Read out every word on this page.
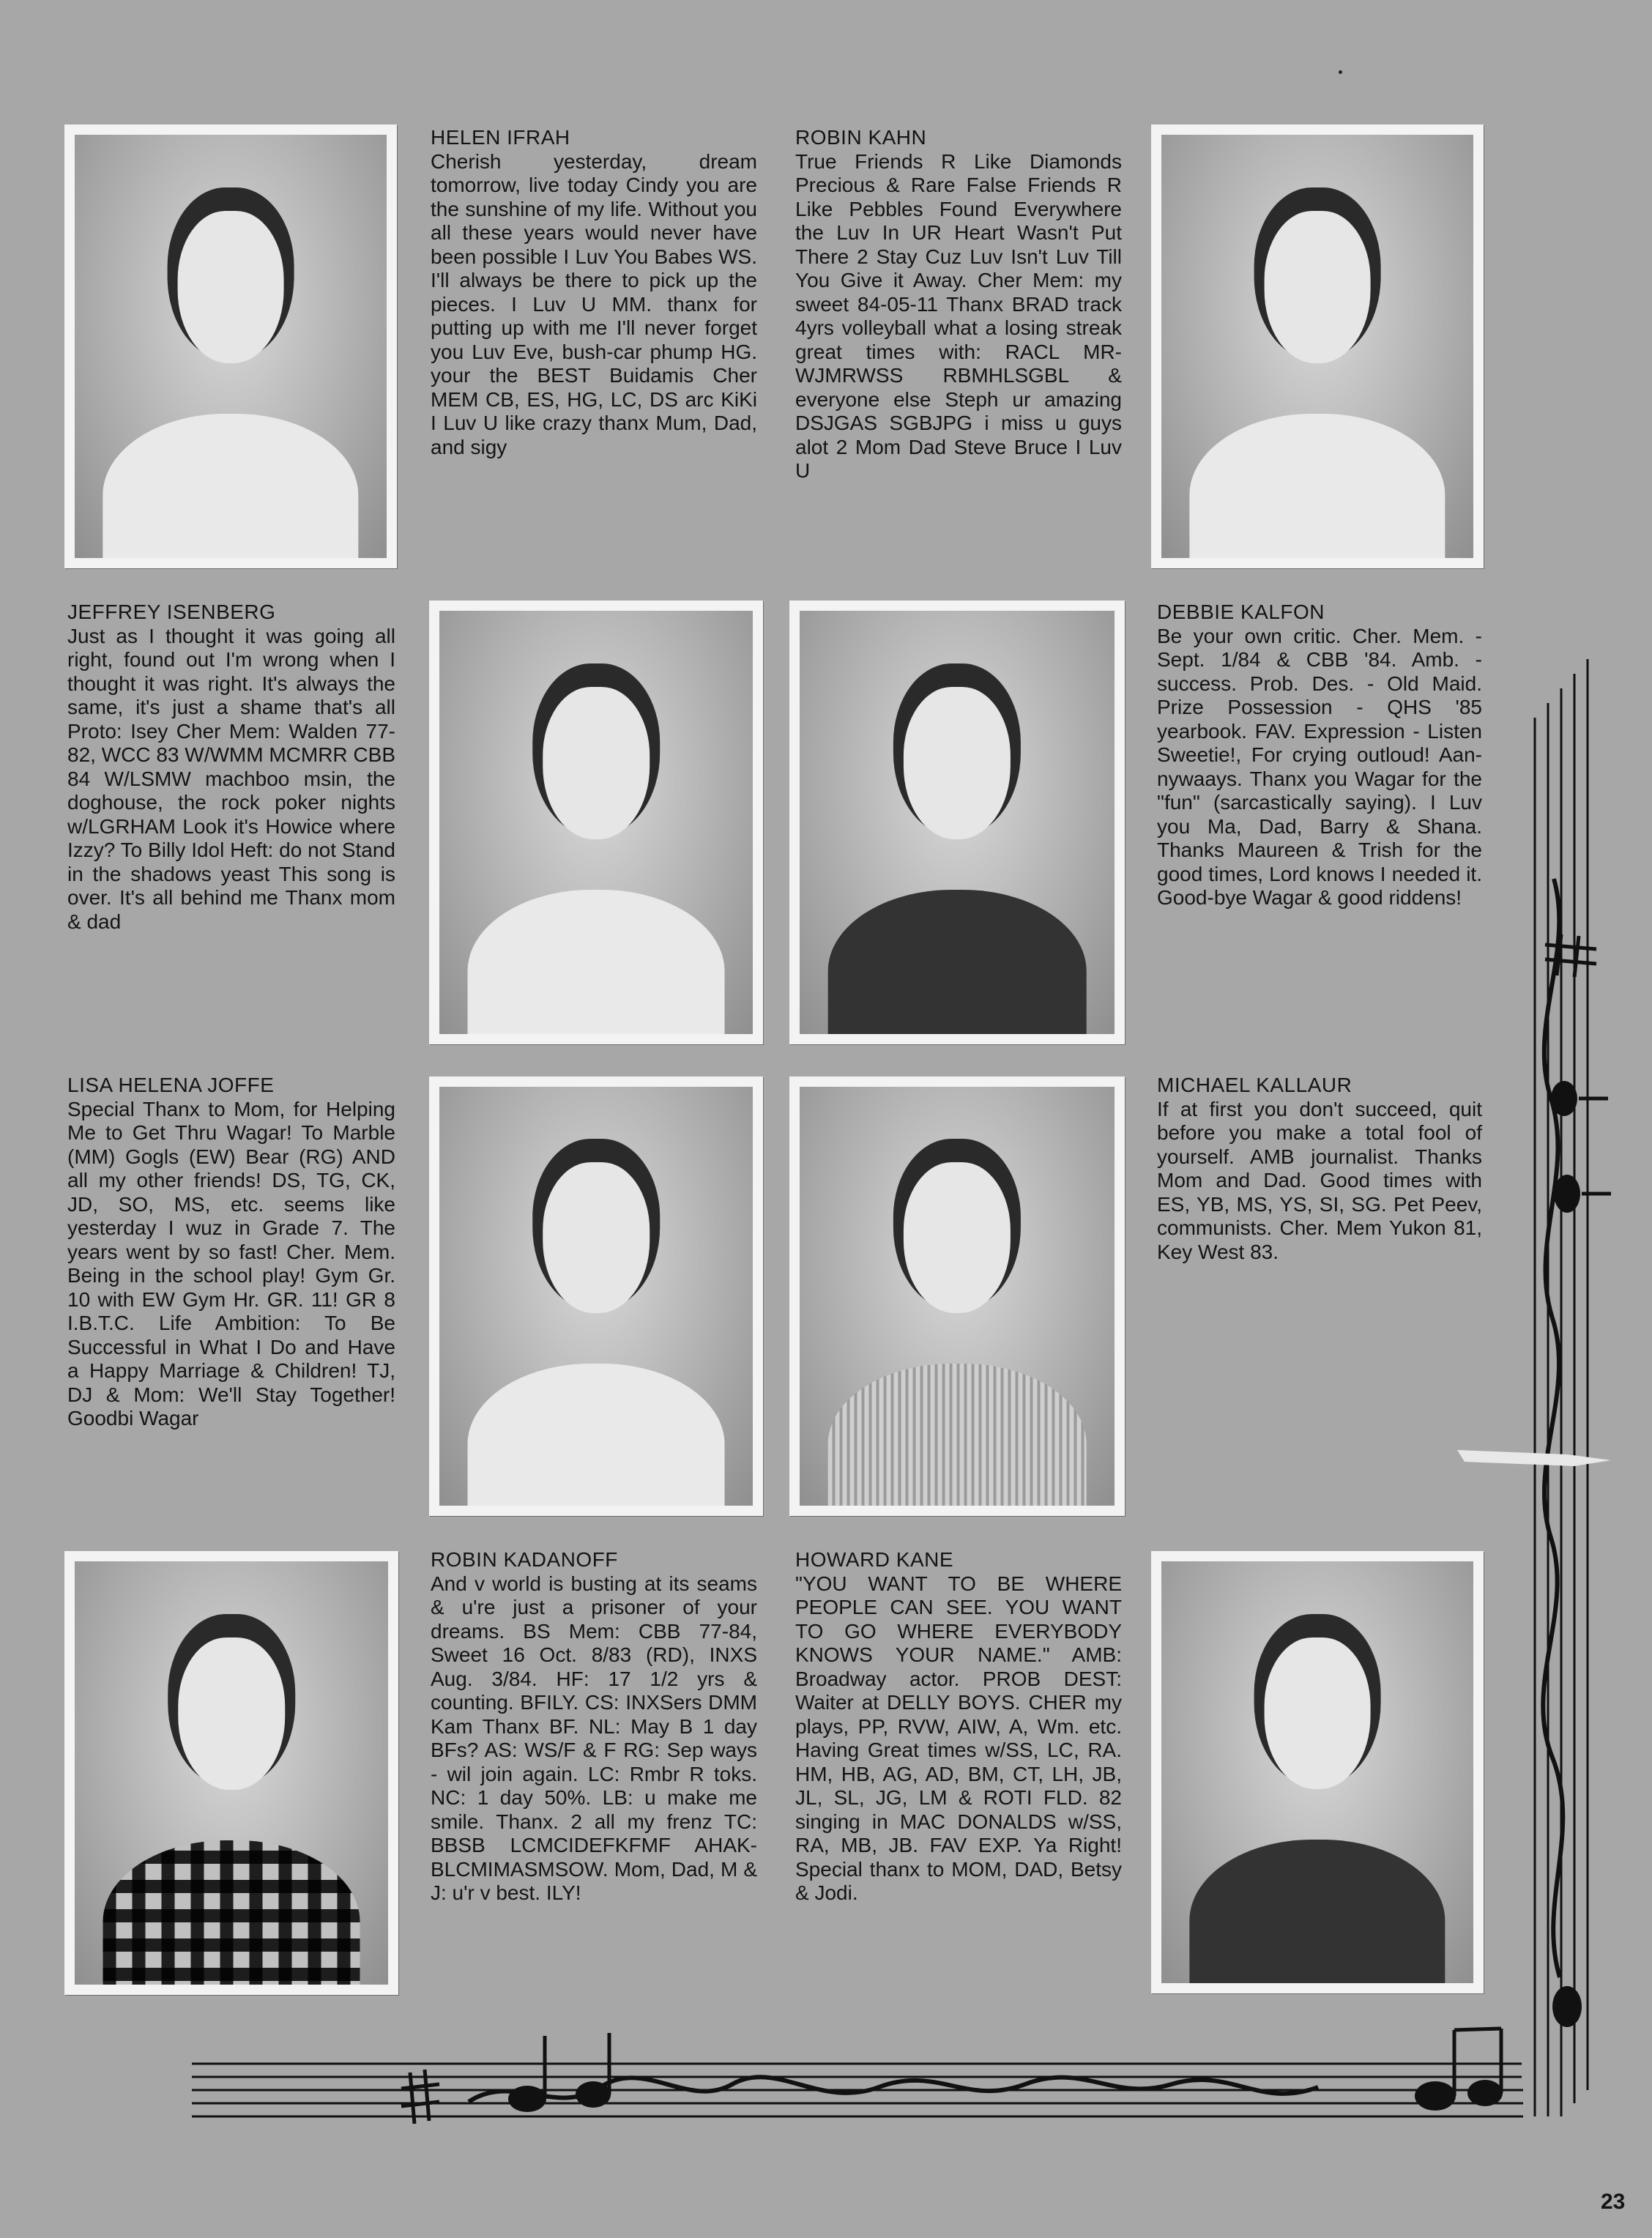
HELEN IFRAH
Cherish yesterday, dream tomorrow, live today Cindy you are the sunshine of my life. Without you all these years would never have been possible I Luv You Babes WS. I'll always be there to pick up the pieces. I Luv U MM. thanx for putting up with me I'll never forget you Luv Eve, bush-car phump HG. your the BEST Buidamis Cher MEM CB, ES, HG, LC, DS arc KiKi I Luv U like crazy thanx Mum, Dad, and sigy
ROBIN KAHN
True Friends R Like Diamonds Precious & Rare False Friends R Like Pebbles Found Everywhere the Luv In UR Heart Wasn't Put There 2 Stay Cuz Luv Isn't Luv Till You Give it Away. Cher Mem: my sweet 84-05-11 Thanx BRAD track 4yrs volleyball what a losing streak great times with: RACL MR-WJMRWSS RBMHLSGBL & everyone else Steph ur amazing DSJGAS SGBJPG i miss u guys alot 2 Mom Dad Steve Bruce I Luv U
JEFFREY ISENBERG
Just as I thought it was going all right, found out I'm wrong when I thought it was right. It's always the same, it's just a shame that's all Proto: Isey Cher Mem: Walden 77-82, WCC 83 W/WMM MCMRR CBB 84 W/LSMW machboo msin, the doghouse, the rock poker nights w/LGRHAM Look it's Howice where Izzy? To Billy Idol Heft: do not Stand in the shadows yeast This song is over. It's all behind me Thanx mom & dad
DEBBIE KALFON
Be your own critic. Cher. Mem. - Sept. 1/84 & CBB '84. Amb. - success. Prob. Des. - Old Maid. Prize Possession - QHS '85 yearbook. FAV. Expression - Listen Sweetie!, For crying outloud! Aan-nywaays. Thanx you Wagar for the "fun" (sarcastically saying). I Luv you Ma, Dad, Barry & Shana. Thanks Maureen & Trish for the good times, Lord knows I needed it. Good-bye Wagar & good riddens!
LISA HELENA JOFFE
Special Thanx to Mom, for Helping Me to Get Thru Wagar! To Marble (MM) Gogls (EW) Bear (RG) AND all my other friends! DS, TG, CK, JD, SO, MS, etc. seems like yesterday I wuz in Grade 7. The years went by so fast! Cher. Mem. Being in the school play! Gym Gr. 10 with EW Gym Hr. GR. 11! GR 8 I.B.T.C. Life Ambition: To Be Successful in What I Do and Have a Happy Marriage & Children! TJ, DJ & Mom: We'll Stay Together! Goodbi Wagar
MICHAEL KALLAUR
If at first you don't succeed, quit before you make a total fool of yourself. AMB journalist. Thanks Mom and Dad. Good times with ES, YB, MS, YS, SI, SG. Pet Peev, communists. Cher. Mem Yukon 81, Key West 83.
ROBIN KADANOFF
And v world is busting at its seams & u're just a prisoner of your dreams. BS Mem: CBB 77-84, Sweet 16 Oct. 8/83 (RD), INXS Aug. 3/84. HF: 17 1/2 yrs & counting. BFILY. CS: INXSers DMM Kam Thanx BF. NL: May B 1 day BFs? AS: WS/F & F RG: Sep ways - wil join again. LC: Rmbr R toks. NC: 1 day 50%. LB: u make me smile. Thanx. 2 all my frenz TC: BBSB LCMCIDEFKFMF AHAK-BLCMIMASMSOW. Mom, Dad, M & J: u'r v best. ILY!
HOWARD KANE
"YOU WANT TO BE WHERE PEOPLE CAN SEE. YOU WANT TO GO WHERE EVERYBODY KNOWS YOUR NAME." AMB: Broadway actor. PROB DEST: Waiter at DELLY BOYS. CHER my plays, PP, RVW, AIW, A, Wm. etc. Having Great times w/SS, LC, RA. HM, HB, AG, AD, BM, CT, LH, JB, JL, SL, JG, LM & ROTI FLD. 82 singing in MAC DONALDS w/SS, RA, MB, JB. FAV EXP. Ya Right! Special thanx to MOM, DAD, Betsy & Jodi.
23
